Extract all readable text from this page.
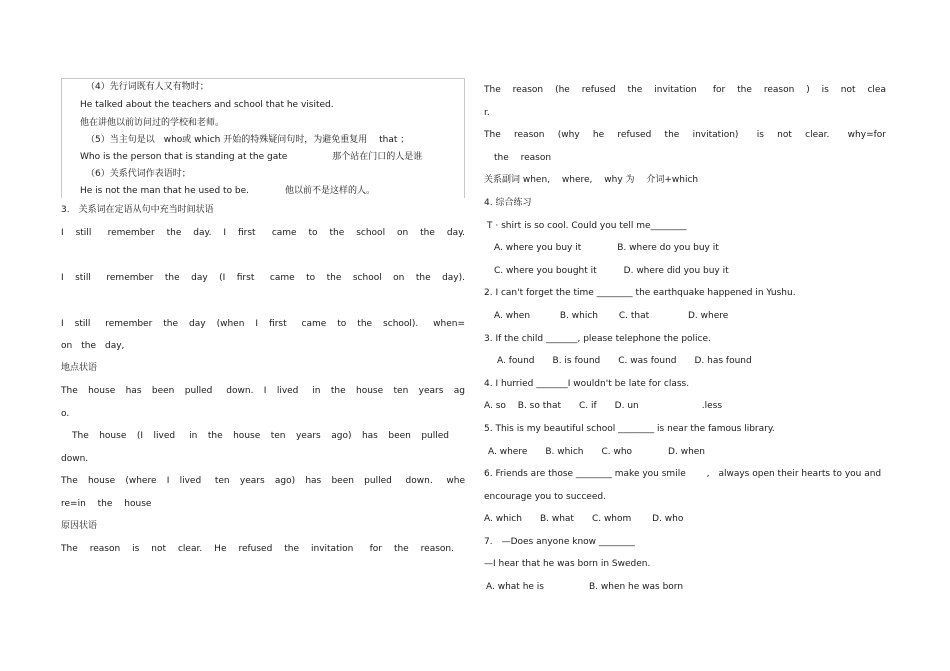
（4）先行词既有人又有物时；
He talked about the teachers and school that he visited.
他在讲他以前访问过的学校和老师。
（5）当主句是以　who或 which 开始的特殊疑问句时，为避免重复用　 that ；
Who is the person that is standing at the gate　　　　　那个站在门口的人是谁
（6）关系代词作表语时；
He is not the man that he used to be.　　　　他以前不是这样的人。
3.　关系词在定语从句中充当时间状语
I　still　 remember　the　day.　I　first　 came　to　the　school　on　the　day.
I　still　 remember　the　day　(I　first　 came　to　the　school　on　the　day).
I　still　 remember　the　day　(when　I　first　 came　to　the　school).　 when=
on　the　day,
地点状语
The　house　has　been　pulled　 down.　I　lived　 in　the　house　ten　years　ag
o.
The　house　(I　lived　 in　the　house　ten　years　ago)　has　been　pulled
down.
The　house　(where　I　lived　 ten　years　ago)　has　been　pulled　 down.　 whe
re=in　 the　 house
原因状语
The　reason　is　not　clear.　He　refused　the　invitation　 for　the　reason.
The　reason　(he　refused　the　invitation　 for　the　reason　)　is　not　clea
r.
The　reason　(why　he　refused　the　invitation)　 is　not　clear.　 why=for
the　 reason
关系副词 when, 　where, 　why 为　 介词+which
4. 综合练习
T · shirt is so cool. Could you tell me________
A. where you buy it　　　　B. where do you buy it
C. where you bought it　　　D. where did you buy it
2. I can't forget the time ________ the earthquake happened in Yushu.
A. when　　　 B. which　　 C. that　　　　 D. where
3. If the child _______, please telephone the police.
A. found　　B. is found　　C. was found　　D. has found
4. I hurried _______I wouldn't be late for class.
A. so　 B. so that　　C. if　　D. un　　　　　　　.less
5. This is my beautiful school ________ is near the famous library.
A. where　　B. which　　C. who　　　　D. when
6. Friends are those ________ make you smile　　 ,　always open their hearts to you and
encourage you to succeed.
A. which　　B. what　　C. whom　　 D. who
7.　—Does anyone know ________
—I hear that he was born in Sweden.
A. what he is　　　　　B. when he was born
